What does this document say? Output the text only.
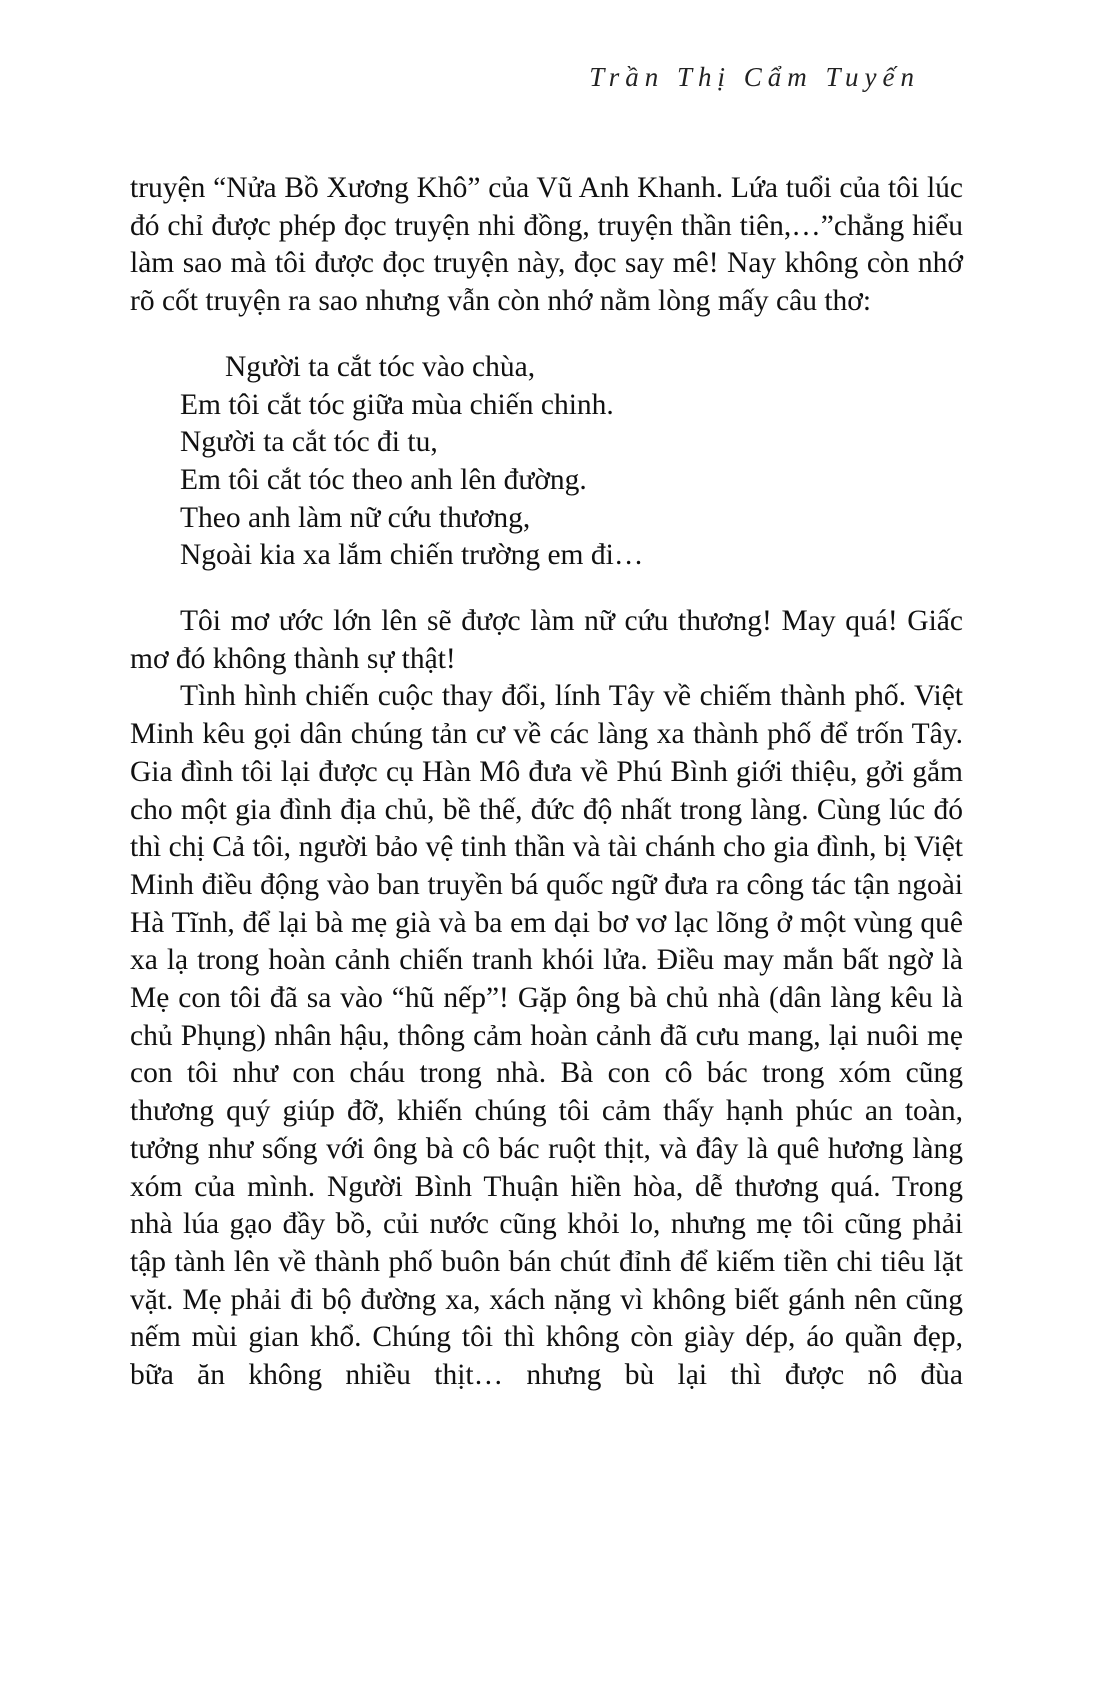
Trần Thị Cẩm Tuyến

truyện “Nửa Bồ Xương Khô” của Vũ Anh Khanh. Lứa tuổi của tôi lúc đó chỉ được phép đọc truyện nhi đồng, truyện thần tiên,…”chẳng hiểu làm sao mà tôi được đọc truyện này, đọc say mê! Nay không còn nhớ rõ cốt truyện ra sao nhưng vẫn còn nhớ nằm lòng mấy câu thơ:

Người ta cắt tóc vào chùa,
Em tôi cắt tóc giữa mùa chiến chinh.
Người ta cắt tóc đi tu,
Em tôi cắt tóc theo anh lên đường.
Theo anh làm nữ cứu thương,
Ngoài kia xa lắm chiến trường em đi…

Tôi mơ ước lớn lên sẽ được làm nữ cứu thương! May quá! Giấc mơ đó không thành sự thật!

Tình hình chiến cuộc thay đổi, lính Tây về chiếm thành phố. Việt Minh kêu gọi dân chúng tản cư về các làng xa thành phố để trốn Tây. Gia đình tôi lại được cụ Hàn Mô đưa về Phú Bình giới thiệu, gởi gắm cho một gia đình địa chủ, bề thế, đức độ nhất trong làng. Cùng lúc đó thì chị Cả tôi, người bảo vệ tinh thần và tài chánh cho gia đình, bị Việt Minh điều động vào ban truyền bá quốc ngữ đưa ra công tác tận ngoài Hà Tĩnh, để lại bà mẹ già và ba em dại bơ vơ lạc lõng ở một vùng quê xa lạ trong hoàn cảnh chiến tranh khói lửa. Điều may mắn bất ngờ là Mẹ con tôi đã sa vào “hũ nếp”! Gặp ông bà chủ nhà (dân làng kêu là chủ Phụng) nhân hậu, thông cảm hoàn cảnh đã cưu mang, lại nuôi mẹ con tôi như con cháu trong nhà. Bà con cô bác trong xóm cũng thương quý giúp đỡ, khiến chúng tôi cảm thấy hạnh phúc an toàn, tưởng như sống với ông bà cô bác ruột thịt, và đây là quê hương làng xóm của mình. Người Bình Thuận hiền hòa, dễ thương quá. Trong nhà lúa gạo đầy bồ, củi nước cũng khỏi lo, nhưng mẹ tôi cũng phải tập tành lên về thành phố buôn bán chút đỉnh để kiếm tiền chi tiêu lặt vặt. Mẹ phải đi bộ đường xa, xách nặng vì không biết gánh nên cũng nếm mùi gian khổ. Chúng tôi thì không còn giày dép, áo quần đẹp, bữa ăn không nhiều thịt… nhưng bù lại thì được nô đùa
